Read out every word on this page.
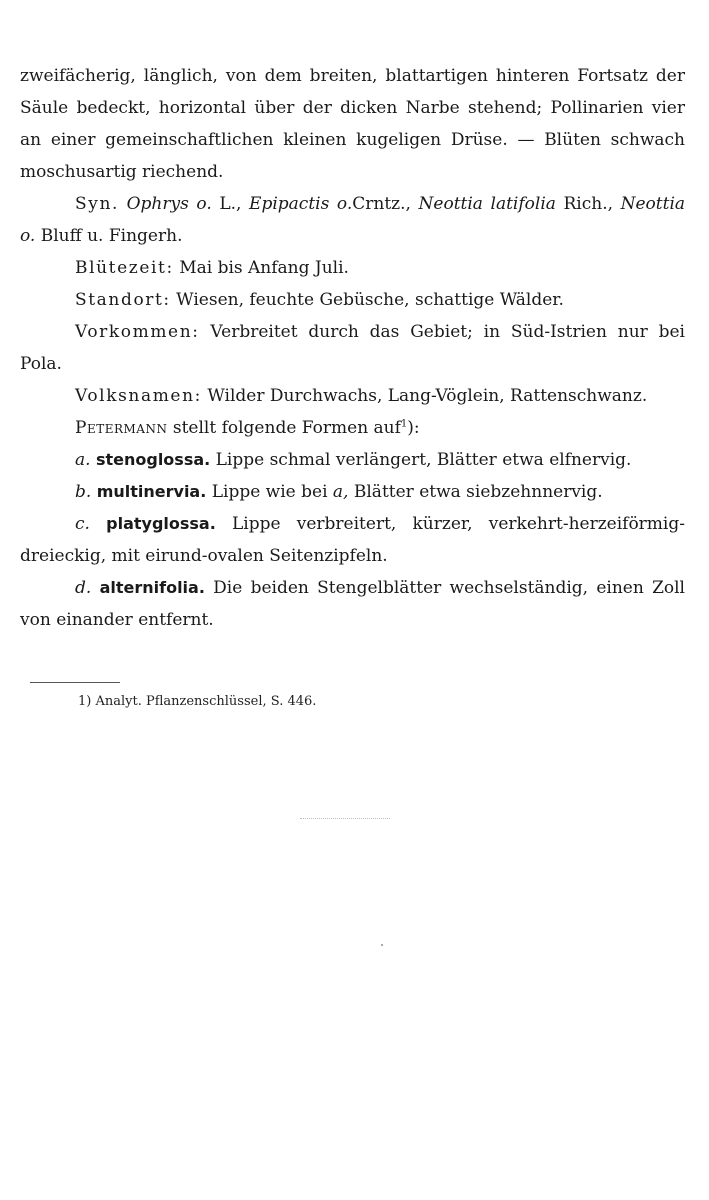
zweifächerig, länglich, von dem breiten, blattartigen hinteren Fortsatz der Säule bedeckt, horizontal über der dicken Narbe stehend; Pollinarien vier an einer gemeinschaftlichen kleinen kugeligen Drüse. — Blüten schwach moschusartig riechend.

Syn. Ophrys o. L., Epipactis o.Crntz., Neottia latifolia Rich., Neottia o. Bluff u. Fingerh.

Blütezeit: Mai bis Anfang Juli.

Standort: Wiesen, feuchte Gebüsche, schattige Wälder.

Vorkommen: Verbreitet durch das Gebiet; in Süd-Istrien nur bei Pola.

Volksnamen: Wilder Durchwachs, Lang-Vöglein, Rattenschwanz.

Petermann stellt folgende Formen auf$^1$):

a. stenoglossa. Lippe schmal verlängert, Blätter etwa elfnervig.

b. multinervia. Lippe wie bei a, Blätter etwa siebzehnnervig.

c. platyglossa. Lippe verbreitert, kürzer, verkehrt-herzeiförmig-dreieckig, mit eirund-ovalen Seitenzipfeln.

d. alternifolia. Die beiden Stengelblätter wechselständig, einen Zoll von einander entfernt.

1) Analyt. Pflanzenschlüssel, S. 446.
